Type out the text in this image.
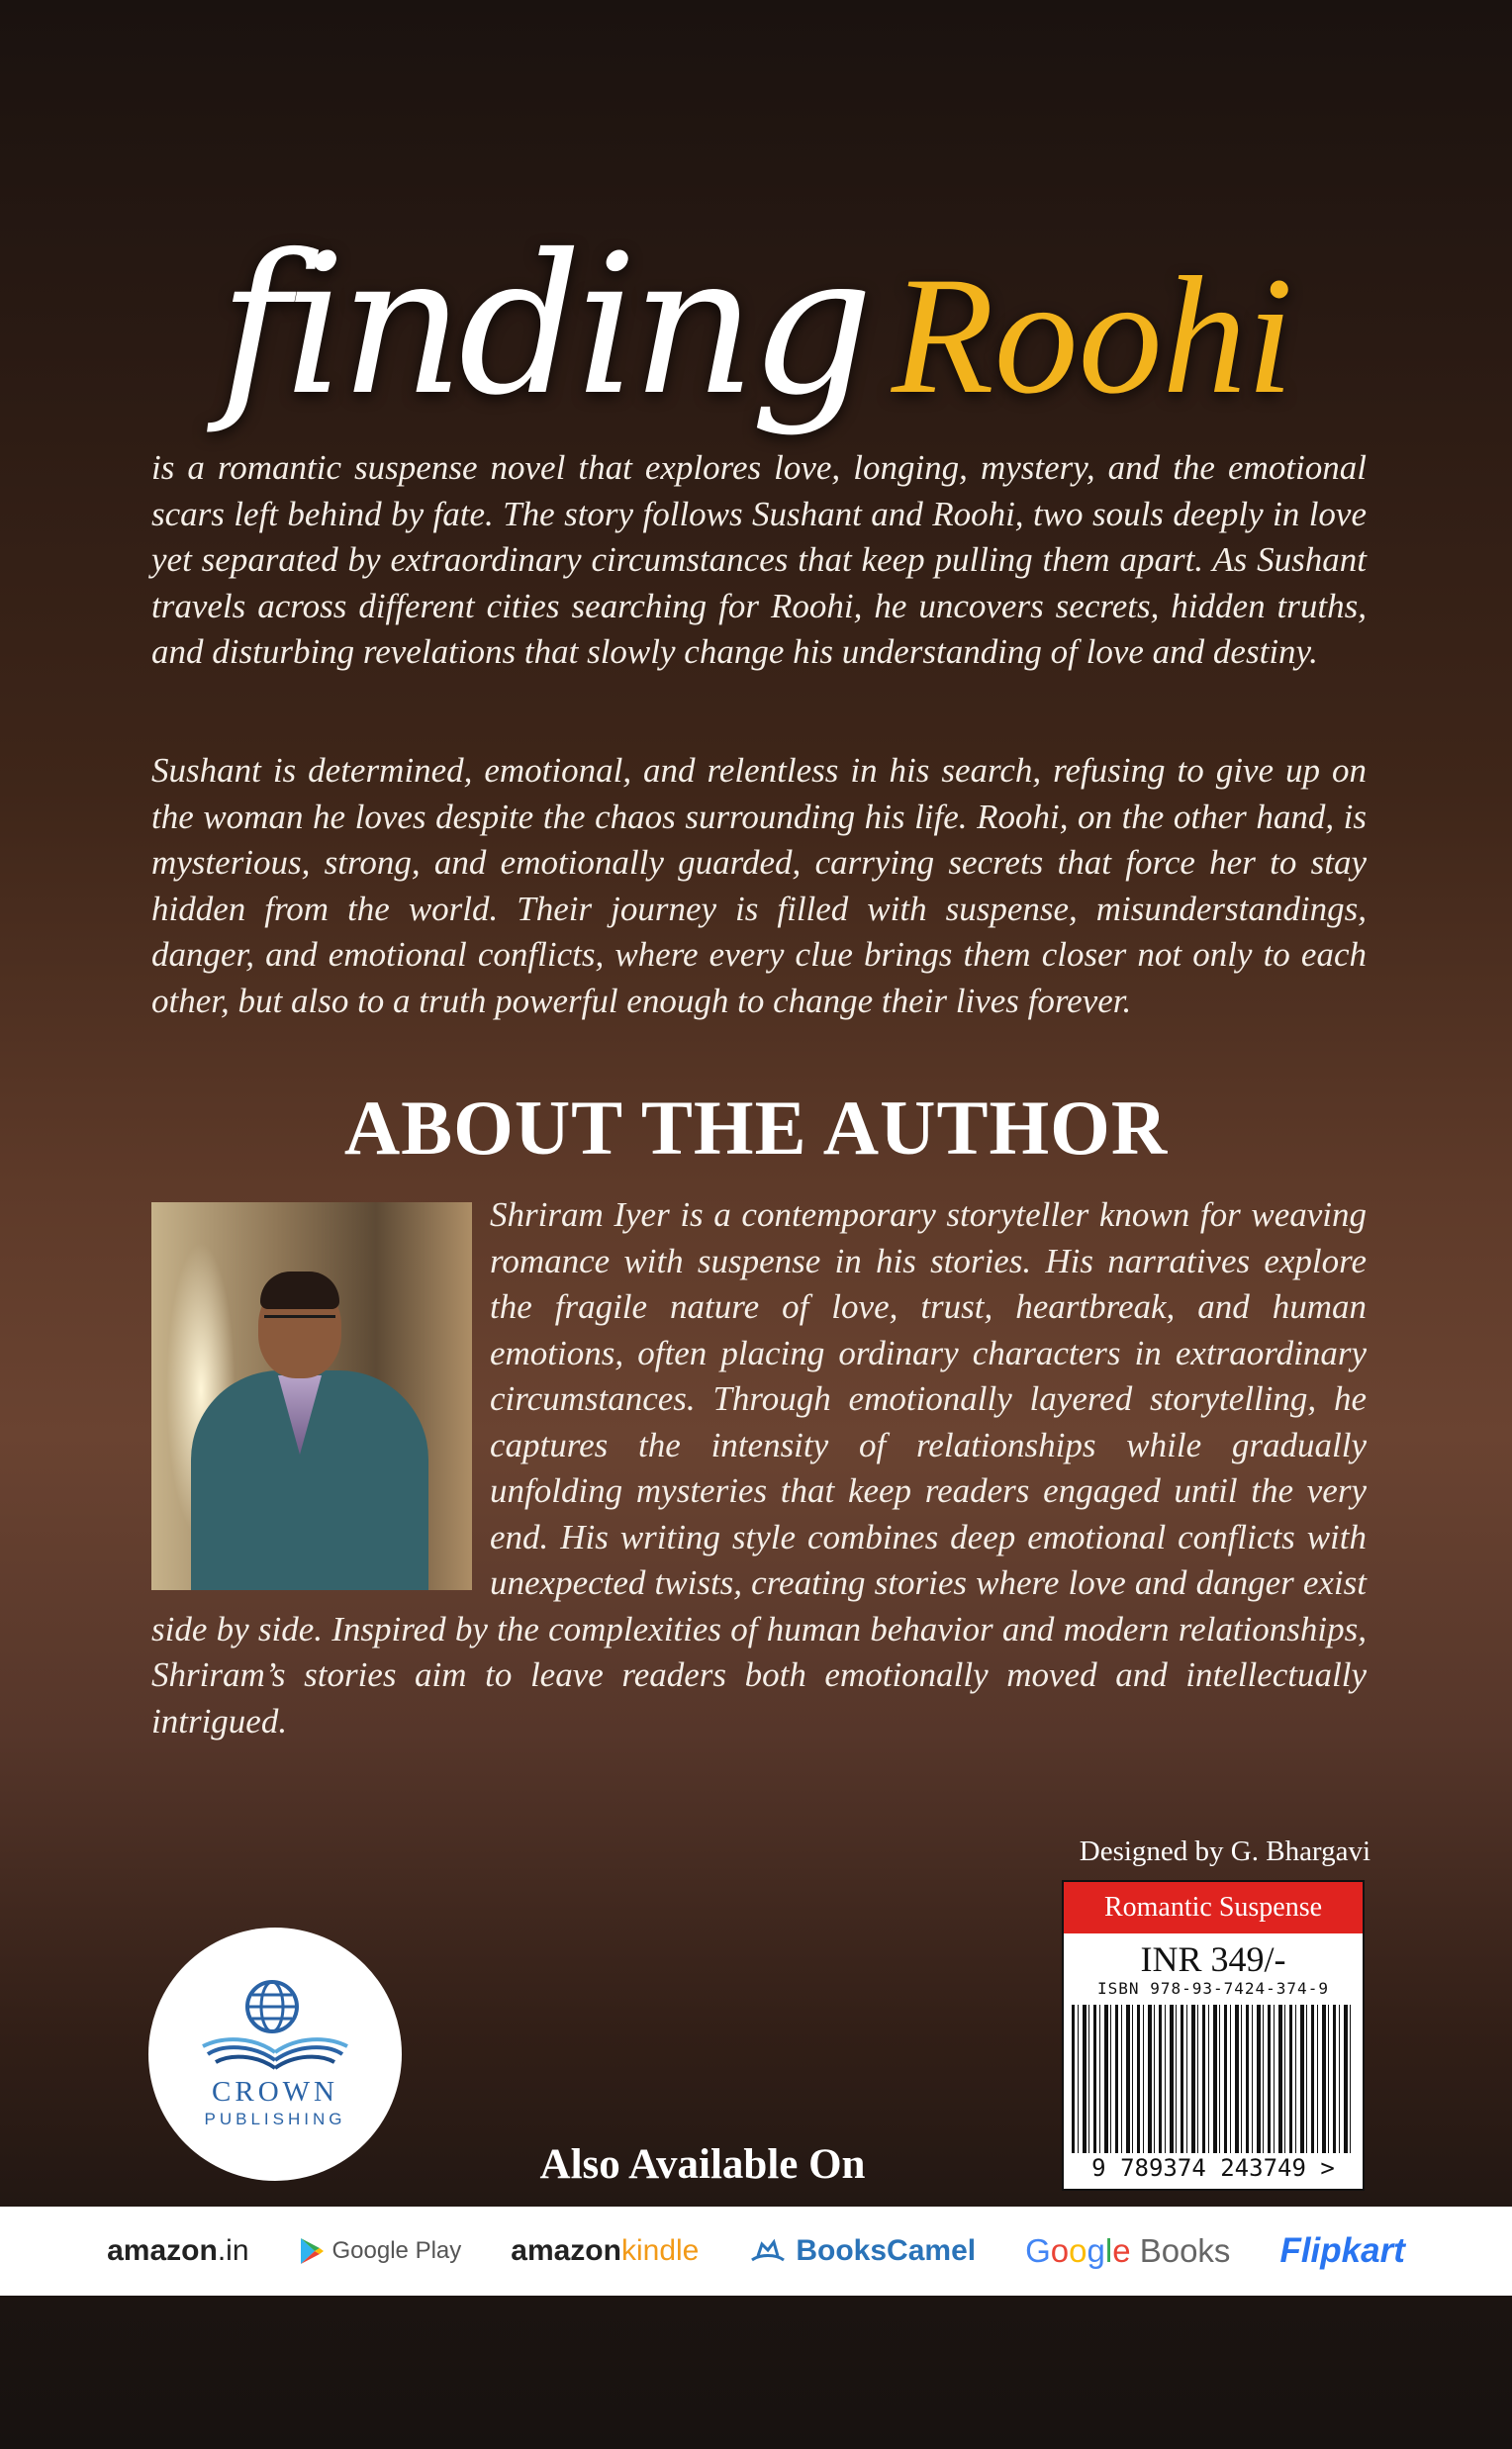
finding Roohi

is a romantic suspense novel that explores love, longing, mystery, and the emotional scars left behind by fate. The story follows Sushant and Roohi, two souls deeply in love yet separated by extraordinary circumstances that keep pulling them apart. As Sushant travels across different cities searching for Roohi, he uncovers secrets, hidden truths, and disturbing revelations that slowly change his understanding of love and destiny.

Sushant is determined, emotional, and relentless in his search, refusing to give up on the woman he loves despite the chaos surrounding his life. Roohi, on the other hand, is mysterious, strong, and emotionally guarded, carrying secrets that force her to stay hidden from the world. Their journey is filled with suspense, misunderstandings, danger, and emotional conflicts, where every clue brings them closer not only to each other, but also to a truth powerful enough to change their lives forever.

ABOUT THE AUTHOR
Shriram Iyer is a contemporary storyteller known for weaving romance with suspense in his stories. His narratives explore the fragile nature of love, trust, heartbreak, and human emotions, often placing ordinary characters in extraordinary circumstances. Through emotionally layered storytelling, he captures the intensity of relationships while gradually unfolding mysteries that keep readers engaged until the very end. His writing style combines deep emotional conflicts with unexpected twists, creating stories where love and danger exist side by side. Inspired by the complexities of human behavior and modern relationships, Shriram’s stories aim to leave readers both emotionally moved and intellectually intrigued.
Designed by G. Bhargavi
Romantic Suspense
INR 349/-
ISBN 978-93-7424-374-9
9 789374 243749 >
CROWN
PUBLISHING
Also Available On
amazon.in	Google Play amazonkindle	BooksCamel Google Books Flipkart
